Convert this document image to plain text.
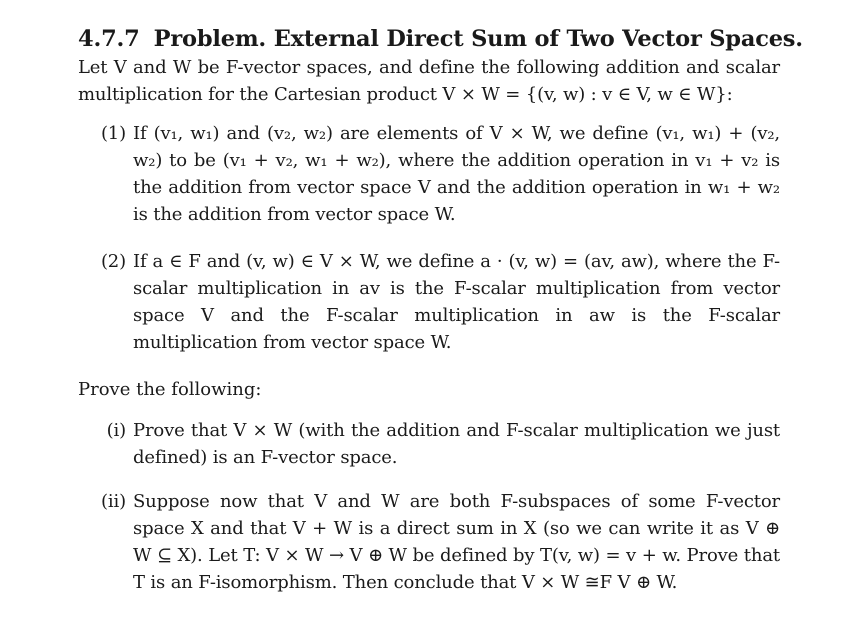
4.7.7 Problem. External Direct Sum of Two Vector Spaces.
Let V and W be F-vector spaces, and define the following addition and scalar multiplication for the Cartesian product V × W = {(v, w) : v ∈ V, w ∈ W}:
(1) If (v₁, w₁) and (v₂, w₂) are elements of V × W, we define (v₁, w₁) + (v₂, w₂) to be (v₁ + v₂, w₁ + w₂), where the addition operation in v₁ + v₂ is the addition from vector space V and the addition operation in w₁ + w₂ is the addition from vector space W.
(2) If a ∈ F and (v, w) ∈ V × W, we define a · (v, w) = (av, aw), where the F-scalar multiplication in av is the F-scalar multiplication from vector space V and the F-scalar multiplication in aw is the F-scalar multiplication from vector space W.
Prove the following:
(i) Prove that V × W (with the addition and F-scalar multiplication we just defined) is an F-vector space.
(ii) Suppose now that V and W are both F-subspaces of some F-vector space X and that V + W is a direct sum in X (so we can write it as V ⊕ W ⊆ X). Let T: V × W → V ⊕ W be defined by T(v, w) = v + w. Prove that T is an F-isomorphism. Then conclude that V × W ≅F V ⊕ W.
